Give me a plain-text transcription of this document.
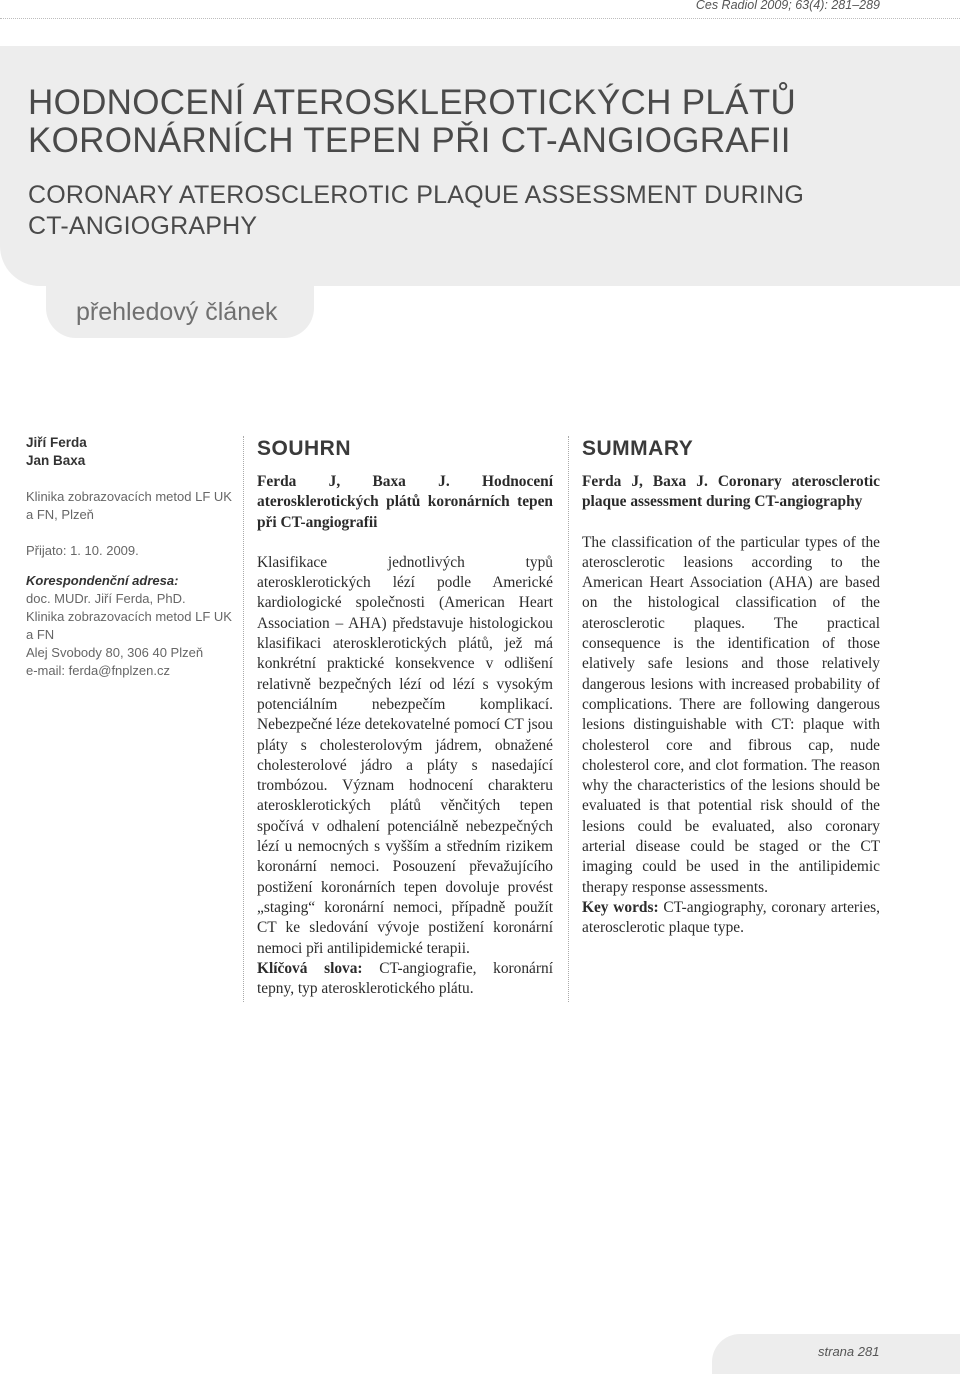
Ces Radiol 2009; 63(4): 281–289
HODNOCENÍ ATEROSKLEROTICKÝCH PLÁTŮ
KORONÁRNÍCH TEPEN PŘI CT-ANGIOGRAFII
CORONARY ATEROSCLEROTIC PLAQUE ASSESSMENT DURING
CT-ANGIOGRAPHY
přehledový článek
Jiří Ferda
Jan Baxa
Klinika zobrazovacích metod LF UK
a FN, Plzeň
Přijato: 1. 10. 2009.
Korespondenční adresa:
doc. MUDr. Jiří Ferda, PhD.
Klinika zobrazovacích metod LF UK
a FN
Alej Svobody 80, 306 40 Plzeň
e-mail: ferda@fnplzen.cz
SOUHRN
Ferda J, Baxa J. Hodnocení aterosklerotických plátů koronárních tepen při CT-angiografii

Klasifikace jednotlivých typů aterosklerotických lézí podle Americké kardiologické společnosti (American Heart Association – AHA) představuje histologickou klasifikaci aterosklerotických plátů, jež má konkrétní praktické konsekvence v odlišení relativně bezpečných lézí od lézí s vysokým potenciálním nebezpečím komplikací. Nebezpečné léze detekovatelné pomocí CT jsou pláty s cholesterolovým jádrem, obnažené cholesterolové jádro a pláty s nasedající trombózou. Význam hodnocení charakteru aterosklerotických plátů věnčitých tepen spočívá v odhalení potenciálně nebezpečných lézí u nemocných s vyšším a středním rizikem koronární nemoci. Posouzení převažujícího postižení koronárních tepen dovoluje provést „staging“ koronární nemoci, případně použít CT ke sledování vývoje postižení koronární nemoci při antilipidemické terapii.

Klíčová slova: CT-angiografie, koronární tepny, typ aterosklerotického plátu.

SUMMARY
Ferda J, Baxa J. Coronary aterosclerotic plaque assessment during CT-angiography

The classification of the particular types of the aterosclerotic leasions according to the American Heart Association (AHA) are based on the histological classification of the aterosclerotic plaques. The practical consequence is the identification of those elatively safe lesions and those relatively dangerous lesions with increased probability of complications. There are following dangerous lesions distinguishable with CT: plaque with cholesterol core and fibrous cap, nude cholesterol core, and clot formation. The reason why the characteristics of the lesions should be evaluated is that potential risk should of the lesions could be evaluated, also coronary arterial disease could be staged or the CT imaging could be used in the antilipidemic therapy response assessments.

Key words: CT-angiography, coronary arteries, aterosclerotic plaque type.

strana 281
